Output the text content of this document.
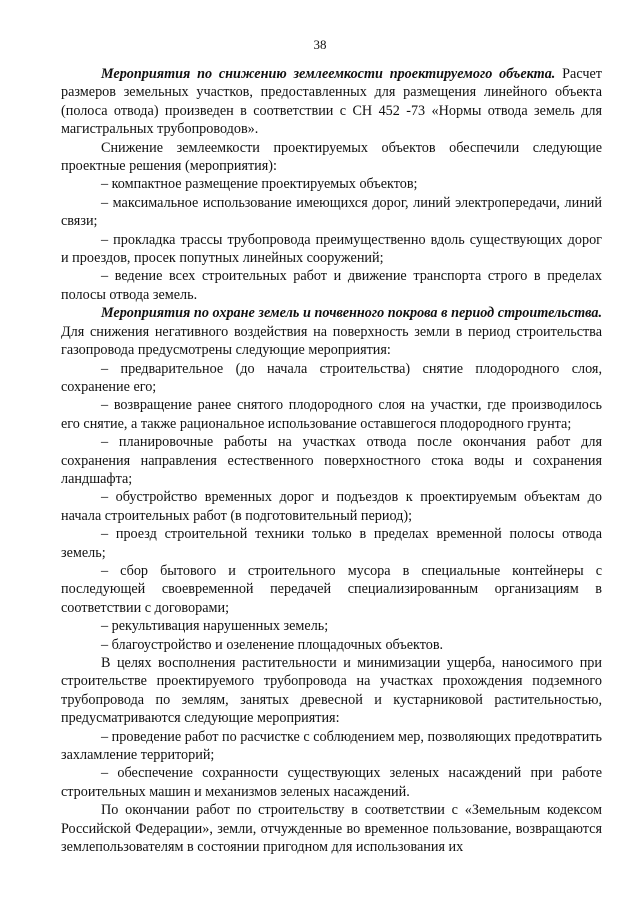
38

Мероприятия по снижению землеемкости проектируемого объекта. Расчет размеров земельных участков, предоставленных для размещения линейного объекта (полоса отвода) произведен в соответствии с СН 452 -73 «Нормы отвода земель для магистральных трубопроводов».

Снижение землеемкости проектируемых объектов обеспечили следующие проектные решения (мероприятия):

– компактное размещение проектируемых объектов;

– максимальное использование имеющихся дорог, линий электропередачи, линий связи;

– прокладка трассы трубопровода преимущественно вдоль существующих дорог и проездов, просек попутных линейных сооружений;

– ведение всех строительных работ и движение транспорта строго в пределах полосы отвода земель.

Мероприятия по охране земель и почвенного покрова в период строительства. Для снижения негативного воздействия на поверхность земли в период строительства газопровода предусмотрены следующие мероприятия:

– предварительное (до начала строительства) снятие плодородного слоя, сохранение его;

– возвращение ранее снятого плодородного слоя на участки, где производилось его снятие, а также рациональное использование оставшегося плодородного грунта;

– планировочные работы на участках отвода после окончания работ для сохранения направления естественного поверхностного стока воды и сохранения ландшафта;

– обустройство временных дорог и подъездов к проектируемым объектам до начала строительных работ (в подготовительный период);

– проезд строительной техники только в пределах временной полосы отвода земель;

– сбор бытового и строительного мусора в специальные контейнеры с последующей своевременной передачей специализированным организациям в соответствии с договорами;

– рекультивация нарушенных земель;

– благоустройство и озеленение площадочных объектов.

В целях восполнения растительности и минимизации ущерба, наносимого при строительстве проектируемого трубопровода на участках прохождения подземного трубопровода по землям, занятых древесной и кустарниковой растительностью, предусматриваются следующие мероприятия:

– проведение работ по расчистке с соблюдением мер, позволяющих предотвратить захламление территорий;

– обеспечение сохранности существующих зеленых насаждений при работе строительных машин и механизмов зеленых насаждений.

По окончании работ по строительству в соответствии с «Земельным кодексом Российской Федерации», земли, отчужденные во временное пользование, возвращаются землепользователям в состоянии пригодном для использования их
